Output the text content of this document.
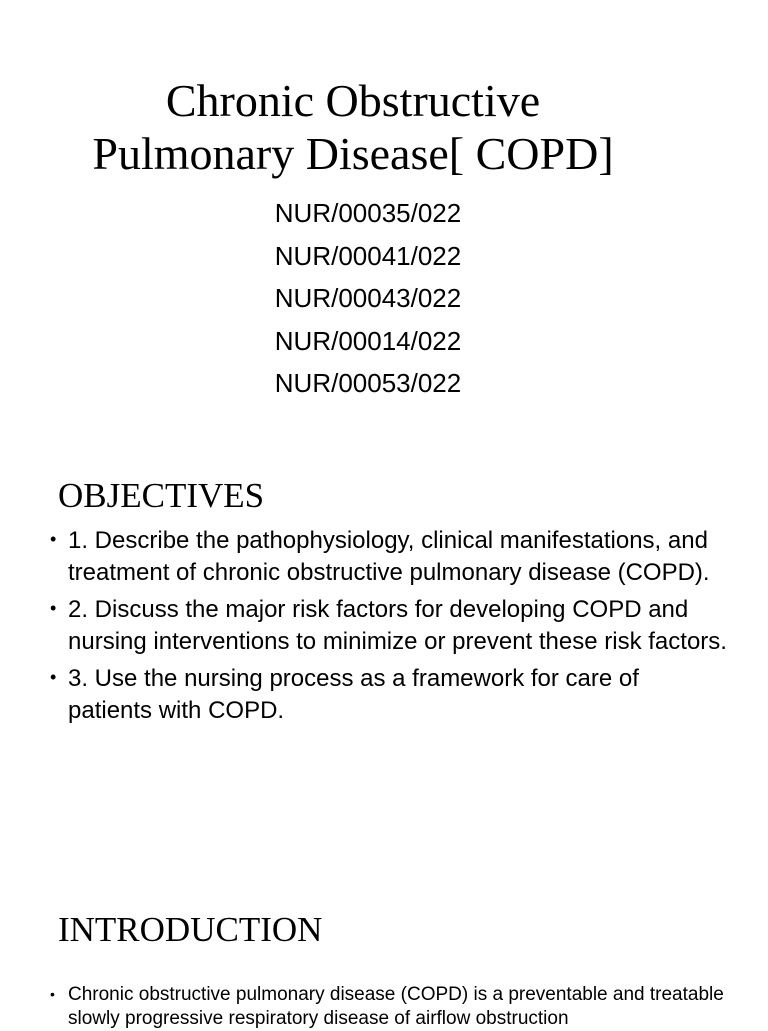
Chronic Obstructive
Pulmonary Disease[ COPD]
NUR/00035/022
NUR/00041/022
NUR/00043/022
NUR/00014/022
NUR/00053/022
OBJECTIVES
• 1. Describe the pathophysiology, clinical manifestations, and treatment of chronic obstructive pulmonary disease (COPD).
• 2. Discuss the major risk factors for developing COPD and nursing interventions to minimize or prevent these risk factors.
• 3. Use the nursing process as a framework for care of patients with COPD.
INTRODUCTION
• Chronic obstructive pulmonary disease (COPD) is a preventable and treatable slowly progressive respiratory disease of airflow obstruction
